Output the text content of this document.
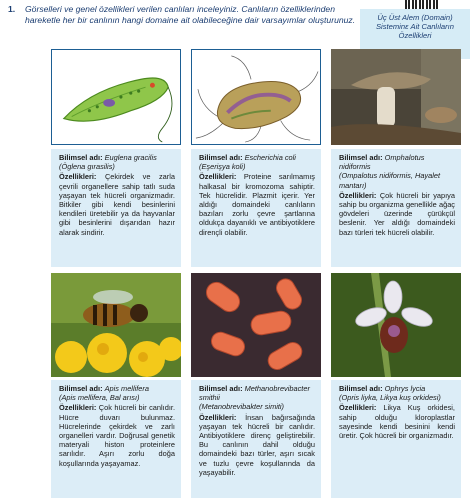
1.	Görselleri ve genel özellikleri verilen canlıları inceleyiniz. Canlıların özelliklerinden hareketle her bir canlının hangi domaine ait olabileceğine dair varsayımlar oluşturunuz.	Üç Üst Alem (Domain)
Sisteminε Ait Canlıların
Özellikleri

Bilimsel adı: Euglena gracilis

(Öglena gırasilis)

Özellikleri: Çekirdek ve zarla çevrili organellere sahip tatlı suda yaşayan tek hücreli organizmadır. Bitkiler gibi kendi besinlerini kendileri üretebilir ya da hayvanlar gibi besinlerini dışarıdan hazır alarak sindirir.

Bilimsel adı: Escherichia coli

(Eşerişya koli)

Özellikleri: Proteine sarılmamış halkasal bir kromozoma sahiptir. Tek hücrelidir. Plazmit içerir. Yer aldığı domaindeki canlıların bazıları zorlu çevre şartlarına oldukça dayanıklı ve antibiyotiklere dirençli olabilir.

Bilimsel adı: Omphalotus nidiformis

(Ompalotus nidiformis, Hayalet mantarı)

Özellikleri: Çok hücreli bir yapıya sahip bu organizma genellikle ağaç gövdeleri üzerinde çürükçül beslenir. Yer aldığı domaindeki bazı türleri tek hücreli olabilir.

Bilimsel adı: Apis mellifera

(Apis mellifera, Bal arısı)

Özellikleri: Çok hücreli bir canlıdır. Hücre duvarı bulunmaz. Hücrelerinde çekirdek ve zarlı organelleri vardır. Doğrusal genetik materyali histon proteinlere sarılıdır. Aşırı zorlu doğa koşullarında yaşayamaz.

Bilimsel adı: Methanobrevibacter smithii

(Metanobrevibakter simiti)

Özellikleri: İnsan bağırsağında yaşayan tek hücreli bir canlıdır. Antibiyotiklere direnç geliştirebilir. Bu canlının dahil olduğu domaindeki bazı türler, aşırı sıcak ve tuzlu çevre koşullarında da yaşayabilir.

Bilimsel adı: Ophrys lycia

(Opris liyka, Likya kuş orkidesi)

Özellikleri: Likya Kuş orkidesi, sahip olduğu kloroplastlar sayesinde kendi besinini kendi üretir. Çok hücreli bir organizmadır.
